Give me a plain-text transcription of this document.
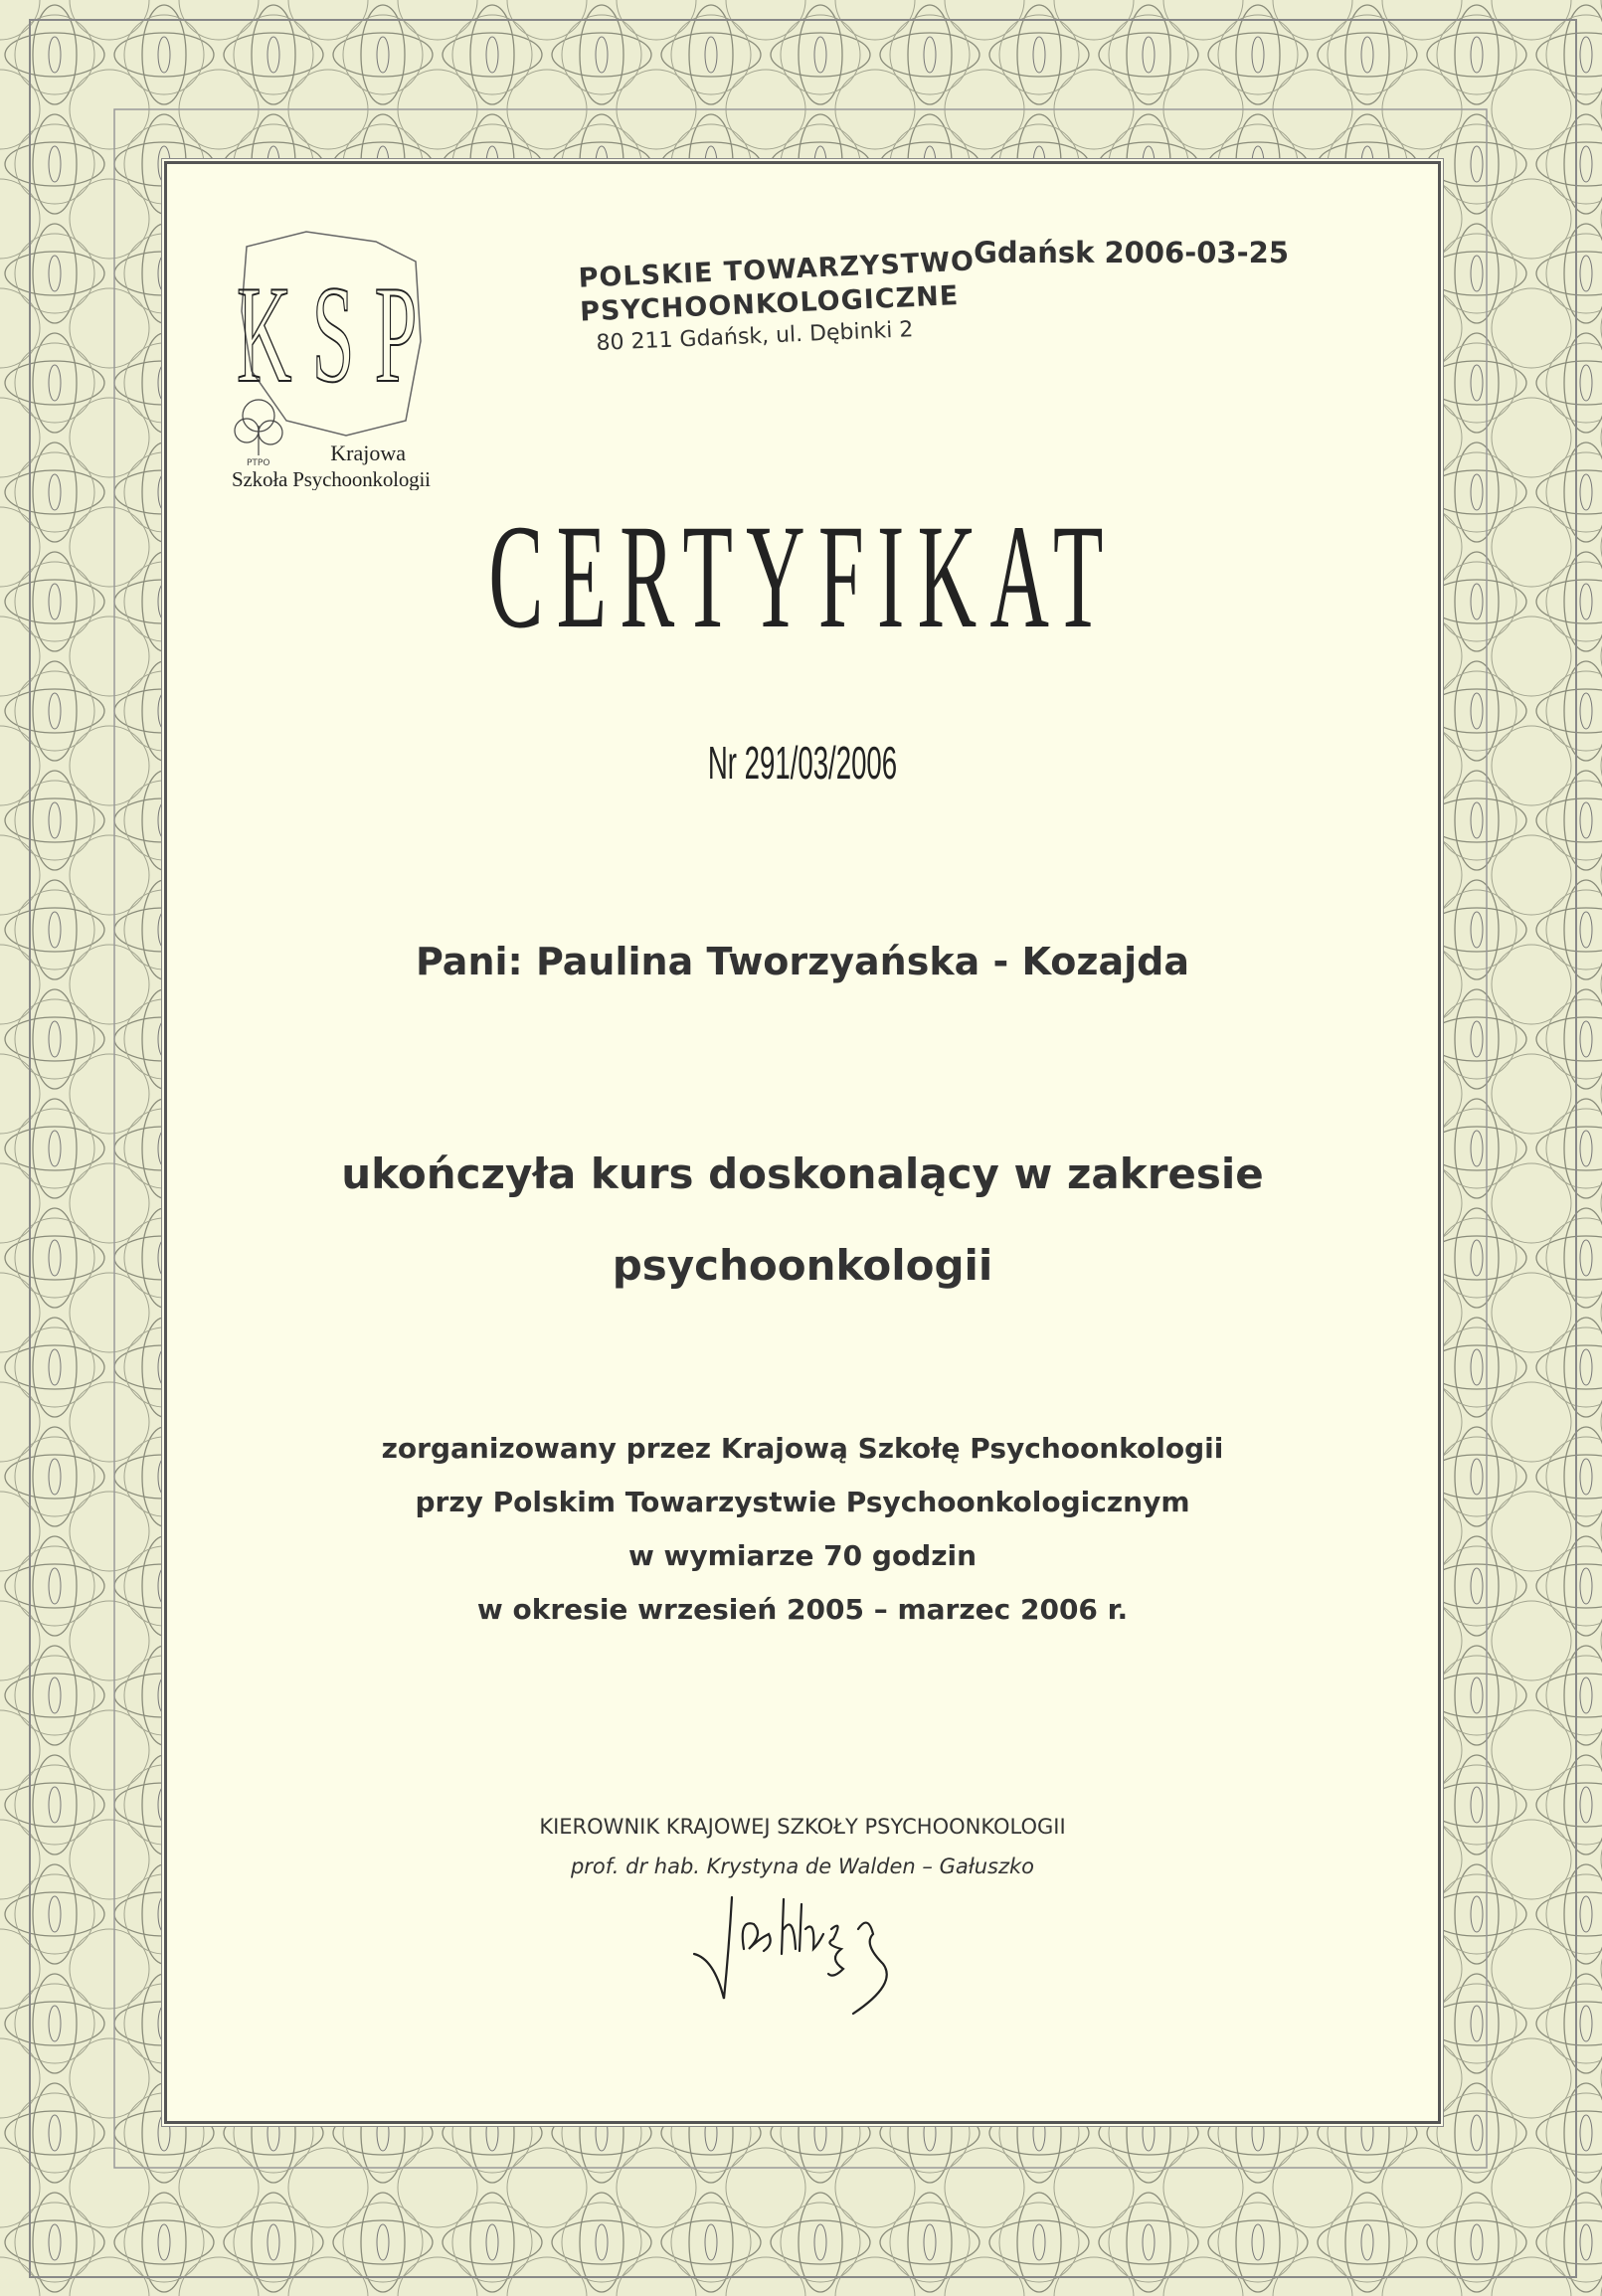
Gdańsk 2006-03-25
KSP
PTPO	Krajowa
Szkoła Psychoonkologii
POLSKIE TOWARZYSTWO
PSYCHOONKOLOGICZNE
80 211 Gdańsk, ul. Dębinki 2
CERTYFIKAT
Nr 291/03/2006
Pani: Paulina Tworzyańska - Kozajda
ukończyła kurs doskonalący w zakresie
psychoonkologii
zorganizowany przez Krajową Szkołę Psychoonkologii
przy Polskim Towarzystwie Psychoonkologicznym
w wymiarze 70 godzin
w okresie wrzesień 2005 – marzec 2006 r.
KIEROWNIK KRAJOWEJ SZKOŁY PSYCHOONKOLOGII
prof. dr hab. Krystyna de Walden – Gałuszko
